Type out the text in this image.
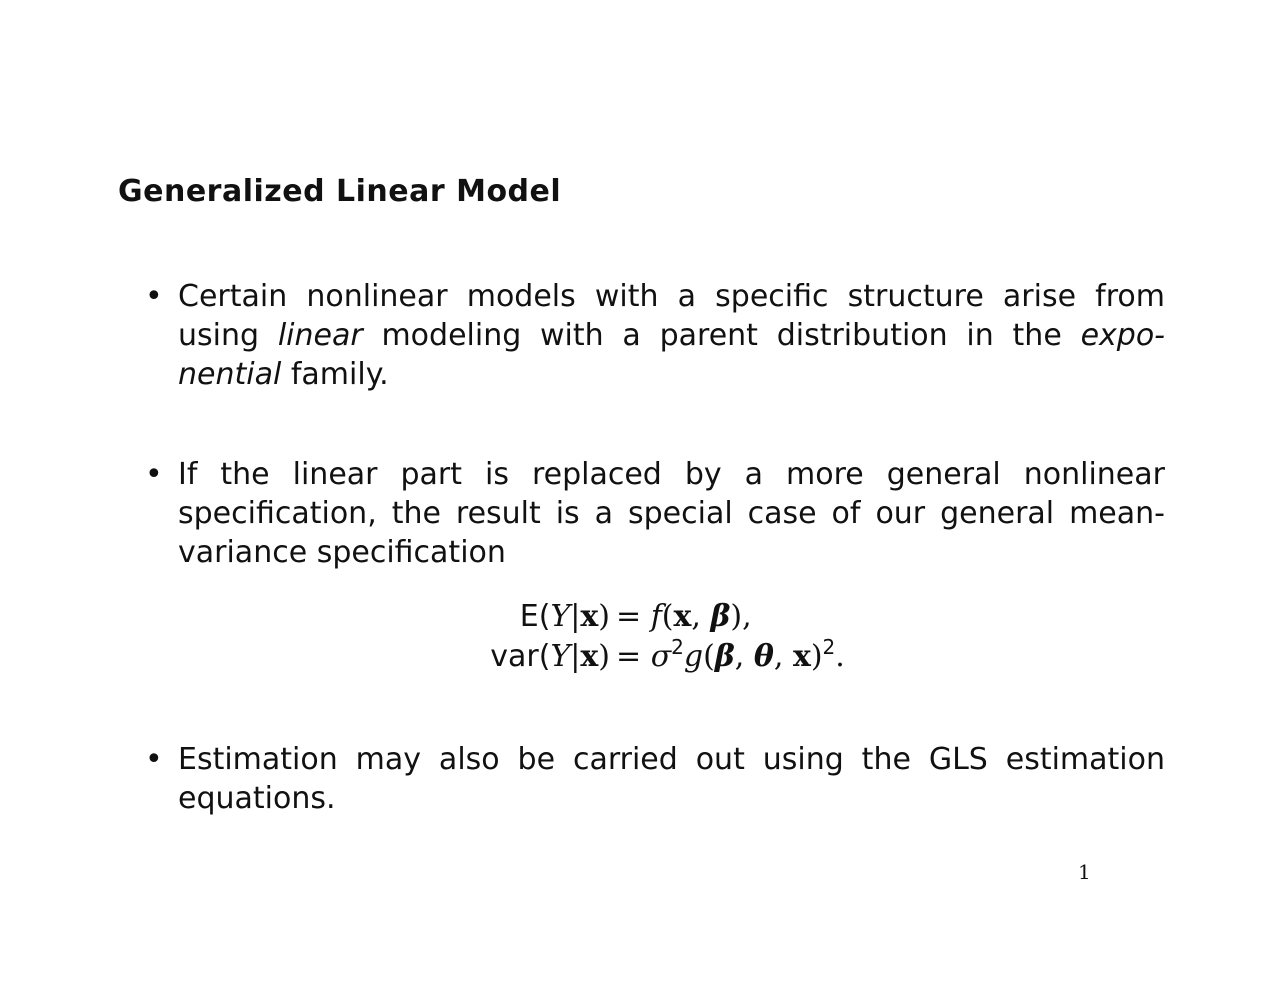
Generalized Linear Model
• Certain nonlinear models with a specific structure arise from
using linear modeling with a parent distribution in the expo-
nential family.
• If the linear part is replaced by a more general nonlinear
specification, the result is a special case of our general mean-
variance specification
E(Y|x) = f(x, β),
$var(Y|x) = \sigma^2g(\beta$, θ, x)$^2$.
• Estimation may also be carried out using the GLS estimation
equations.
1
